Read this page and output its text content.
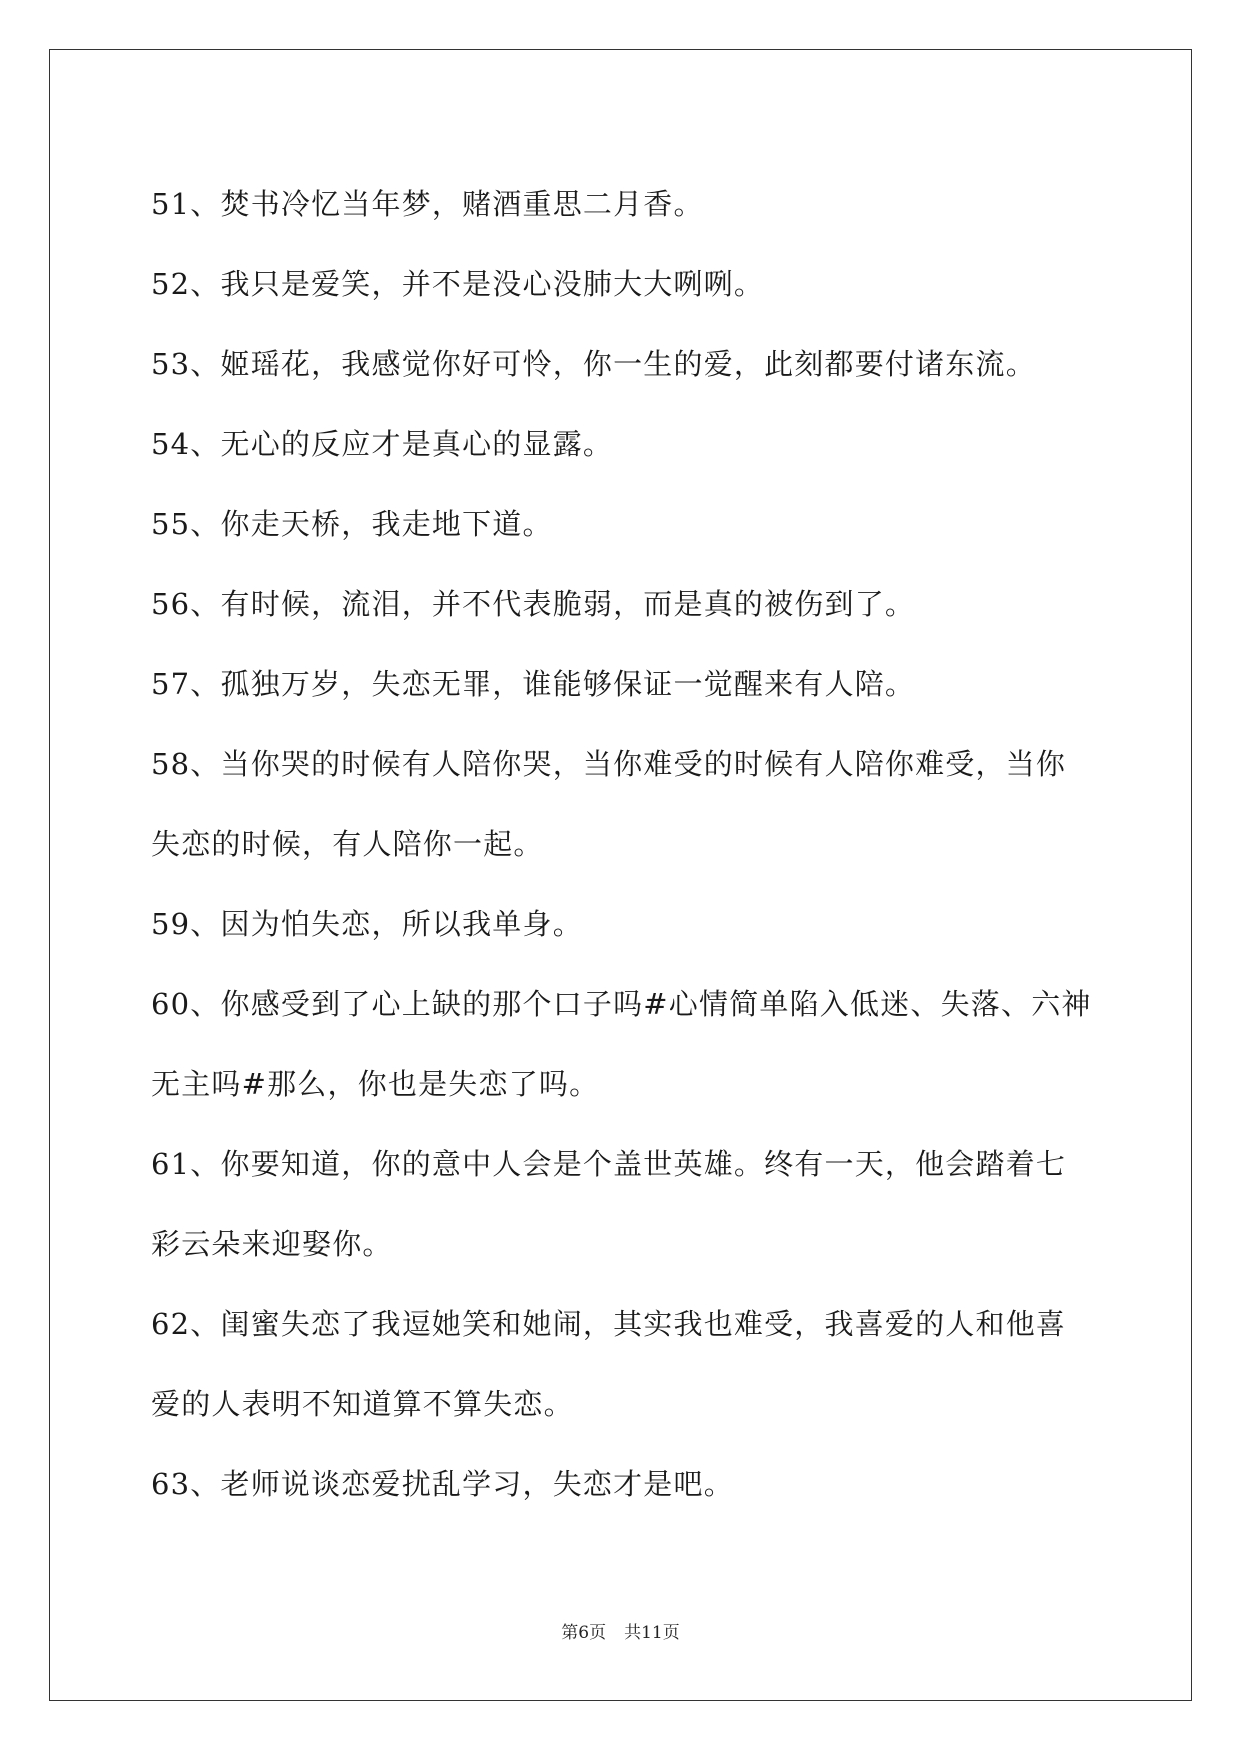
51、焚书冷忆当年梦，赌酒重思二月香。
52、我只是爱笑，并不是没心没肺大大咧咧。
53、姬瑶花，我感觉你好可怜，你一生的爱，此刻都要付诸东流。
54、无心的反应才是真心的显露。
55、你走天桥，我走地下道。
56、有时候，流泪，并不代表脆弱，而是真的被伤到了。
57、孤独万岁，失恋无罪，谁能够保证一觉醒来有人陪。
58、当你哭的时候有人陪你哭，当你难受的时候有人陪你难受，当你
失恋的时候，有人陪你一起。
59、因为怕失恋，所以我单身。
60、你感受到了心上缺的那个口子吗#心情简单陷入低迷、失落、六神
无主吗#那么，你也是失恋了吗。
61、你要知道，你的意中人会是个盖世英雄。终有一天，他会踏着七
彩云朵来迎娶你。
62、闺蜜失恋了我逗她笑和她闹，其实我也难受，我喜爱的人和他喜
爱的人表明不知道算不算失恋。
63、老师说谈恋爱扰乱学习，失恋才是吧。
第6页 共11页
